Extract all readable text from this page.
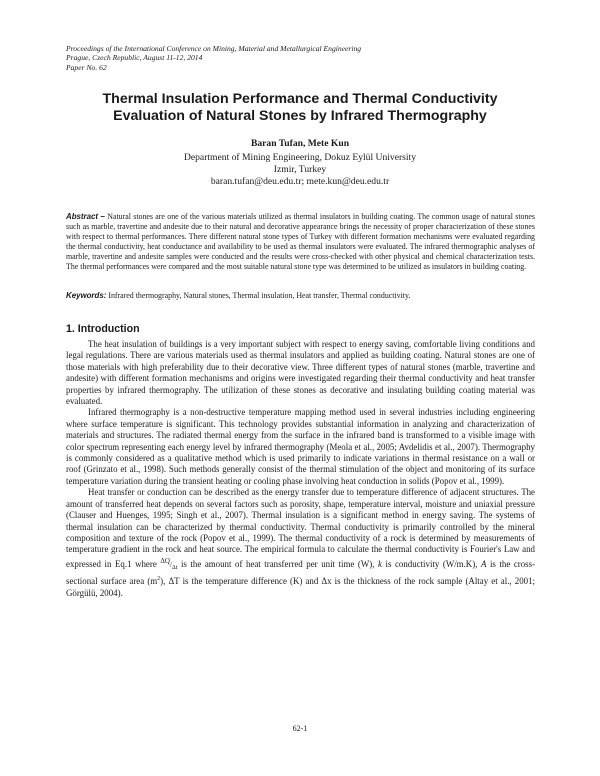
Proceedings of the International Conference on Mining, Material and Metallurgical Engineering
Prague, Czech Republic, August 11-12, 2014
Paper No. 62
Thermal Insulation Performance and Thermal Conductivity
Evaluation of Natural Stones by Infrared Thermography
Baran Tufan, Mete Kun
Department of Mining Engineering, Dokuz Eylül University
Izmir, Turkey
baran.tufan@deu.edu.tr; mete.kun@deu.edu.tr

Abstract – Natural stones are one of the various materials utilized as thermal insulators in building coating. The common usage of natural stones such as marble, travertine and andesite due to their natural and decorative appearance brings the necessity of proper characterization of these stones with respect to thermal performances. There different natural stone types of Turkey with different formation mechanisms were evaluated regarding the thermal conductivity, heat conductance and availability to be used as thermal insulators were evaluated. The infrared thermographic analyses of marble, travertine and andesite samples were conducted and the results were cross-checked with other physical and chemical characterization tests. The thermal performances were compared and the most suitable natural stone type was determined to be utilized as insulators in building coating.

Keywords: Infrared thermography, Natural stones, Thermal insulation, Heat transfer, Thermal conductivity.
1. Introduction

The heat insulation of buildings is a very important subject with respect to energy saving, comfortable living conditions and legal regulations. There are various materials used as thermal insulators and applied as building coating. Natural stones are one of those materials with high preferability due to their decorative view. Three different types of natural stones (marble, travertine and andesite) with different formation mechanisms and origins were investigated regarding their thermal conductivity and heat transfer properties by infrared thermography. The utilization of these stones as decorative and insulating building coating material was evaluated.

Infrared thermography is a non-destructive temperature mapping method used in several industries including engineering where surface temperature is significant. This technology provides substantial information in analyzing and characterization of materials and structures. The radiated thermal energy from the surface in the infrared band is transformed to a visible image with color spectrum representing each energy level by infrared thermography (Meola et al., 2005; Avdelidis et al., 2007). Thermography is commonly considered as a qualitative method which is used primarily to indicate variations in thermal resistance on a wall or roof (Grinzato et al., 1998). Such methods generally consist of the thermal stimulation of the object and monitoring of its surface temperature variation during the transient heating or cooling phase involving heat conduction in solids (Popov et al., 1999).

Heat transfer or conduction can be described as the energy transfer due to temperature difference of adjacent structures. The amount of transferred heat depends on several factors such as porosity, shape, temperature interval, moisture and uniaxial pressure (Clauser and Huenges, 1995; Singh et al., 2007). Thermal insulation is a significant method in energy saving. The systems of thermal insulation can be characterized by thermal conductivity. Thermal conductivity is primarily controlled by the mineral composition and texture of the rock (Popov et al., 1999). The thermal conductivity of a rock is determined by measurements of temperature gradient in the rock and heat source. The empirical formula to calculate the thermal conductivity is Fourier's Law and expressed in Eq.1 where $^{\Delta Q}/_{\Delta t}$ is the amount of heat transferred per unit time (W), k is conductivity (W/m.K), A is the cross-sectional surface area $(m^2)$, ΔT is the temperature difference (K) and Δx is the thickness of the rock sample (Altay et al., 2001; Görgülü, 2004).

62-1
